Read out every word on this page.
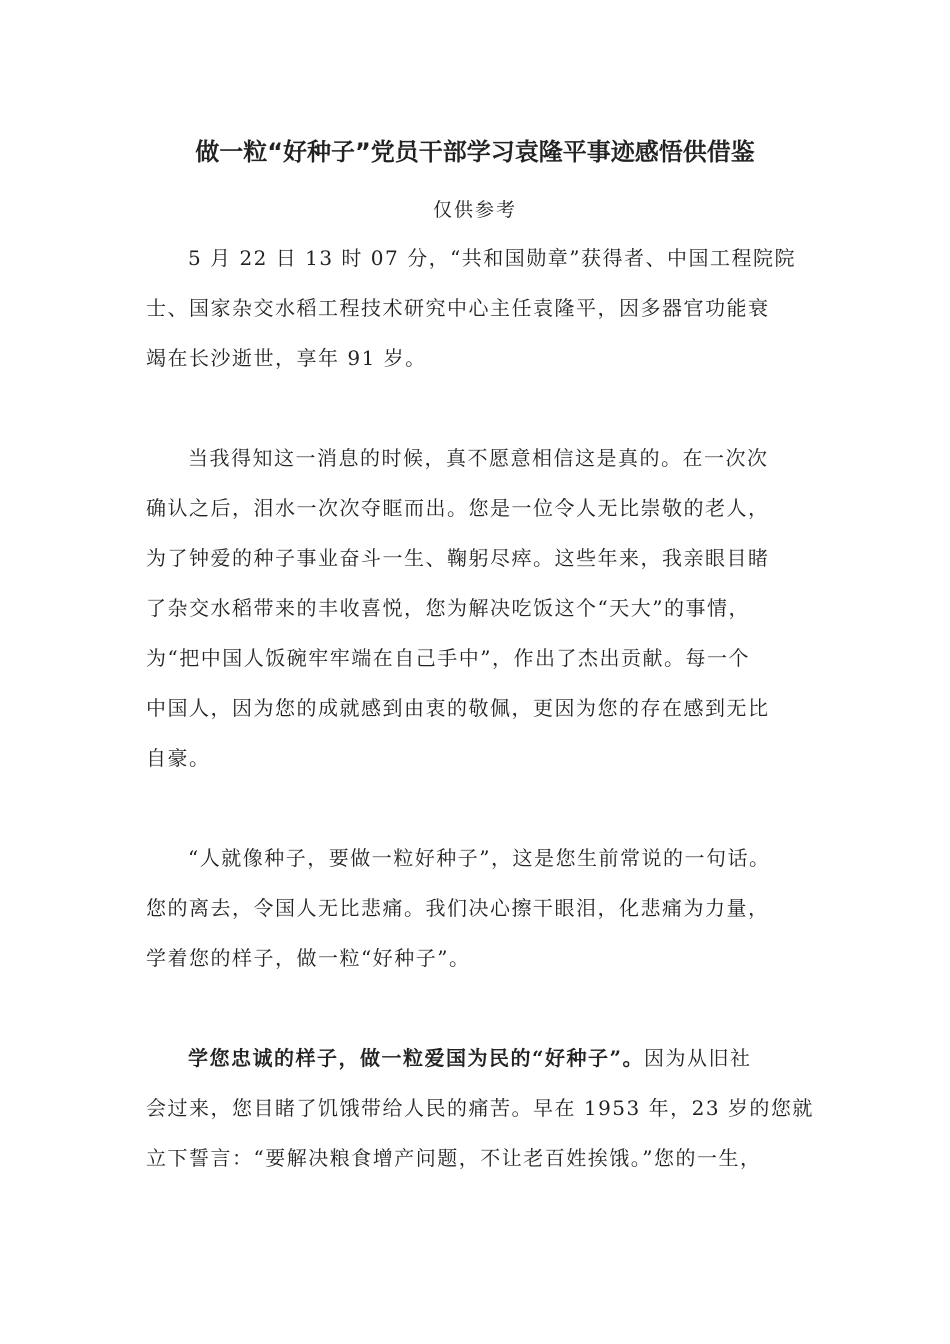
做一粒“好种子”党员干部学习袁隆平事迹感悟供借鉴
仅供参考
5 月 22 日 13 时 07 分，“共和国勋章”获得者、中国工程院院
士、国家杂交水稻工程技术研究中心主任袁隆平，因多器官功能衰
竭在长沙逝世，享年 91 岁。
当我得知这一消息的时候，真不愿意相信这是真的。在一次次
确认之后，泪水一次次夺眶而出。您是一位令人无比崇敬的老人，
为了钟爱的种子事业奋斗一生、鞠躬尽瘁。这些年来，我亲眼目睹
了杂交水稻带来的丰收喜悦，您为解决吃饭这个“天大”的事情，
为“把中国人饭碗牢牢端在自己手中”，作出了杰出贡献。每一个
中国人，因为您的成就感到由衷的敬佩，更因为您的存在感到无比
自豪。
“人就像种子，要做一粒好种子”，这是您生前常说的一句话。
您的离去，令国人无比悲痛。我们决心擦干眼泪，化悲痛为力量，
学着您的样子，做一粒“好种子”。
学您忠诚的样子，做一粒爱国为民的“好种子”。因为从旧社
会过来，您目睹了饥饿带给人民的痛苦。早在 1953 年，23 岁的您就
立下誓言：“要解决粮食增产问题，不让老百姓挨饿。”您的一生，
